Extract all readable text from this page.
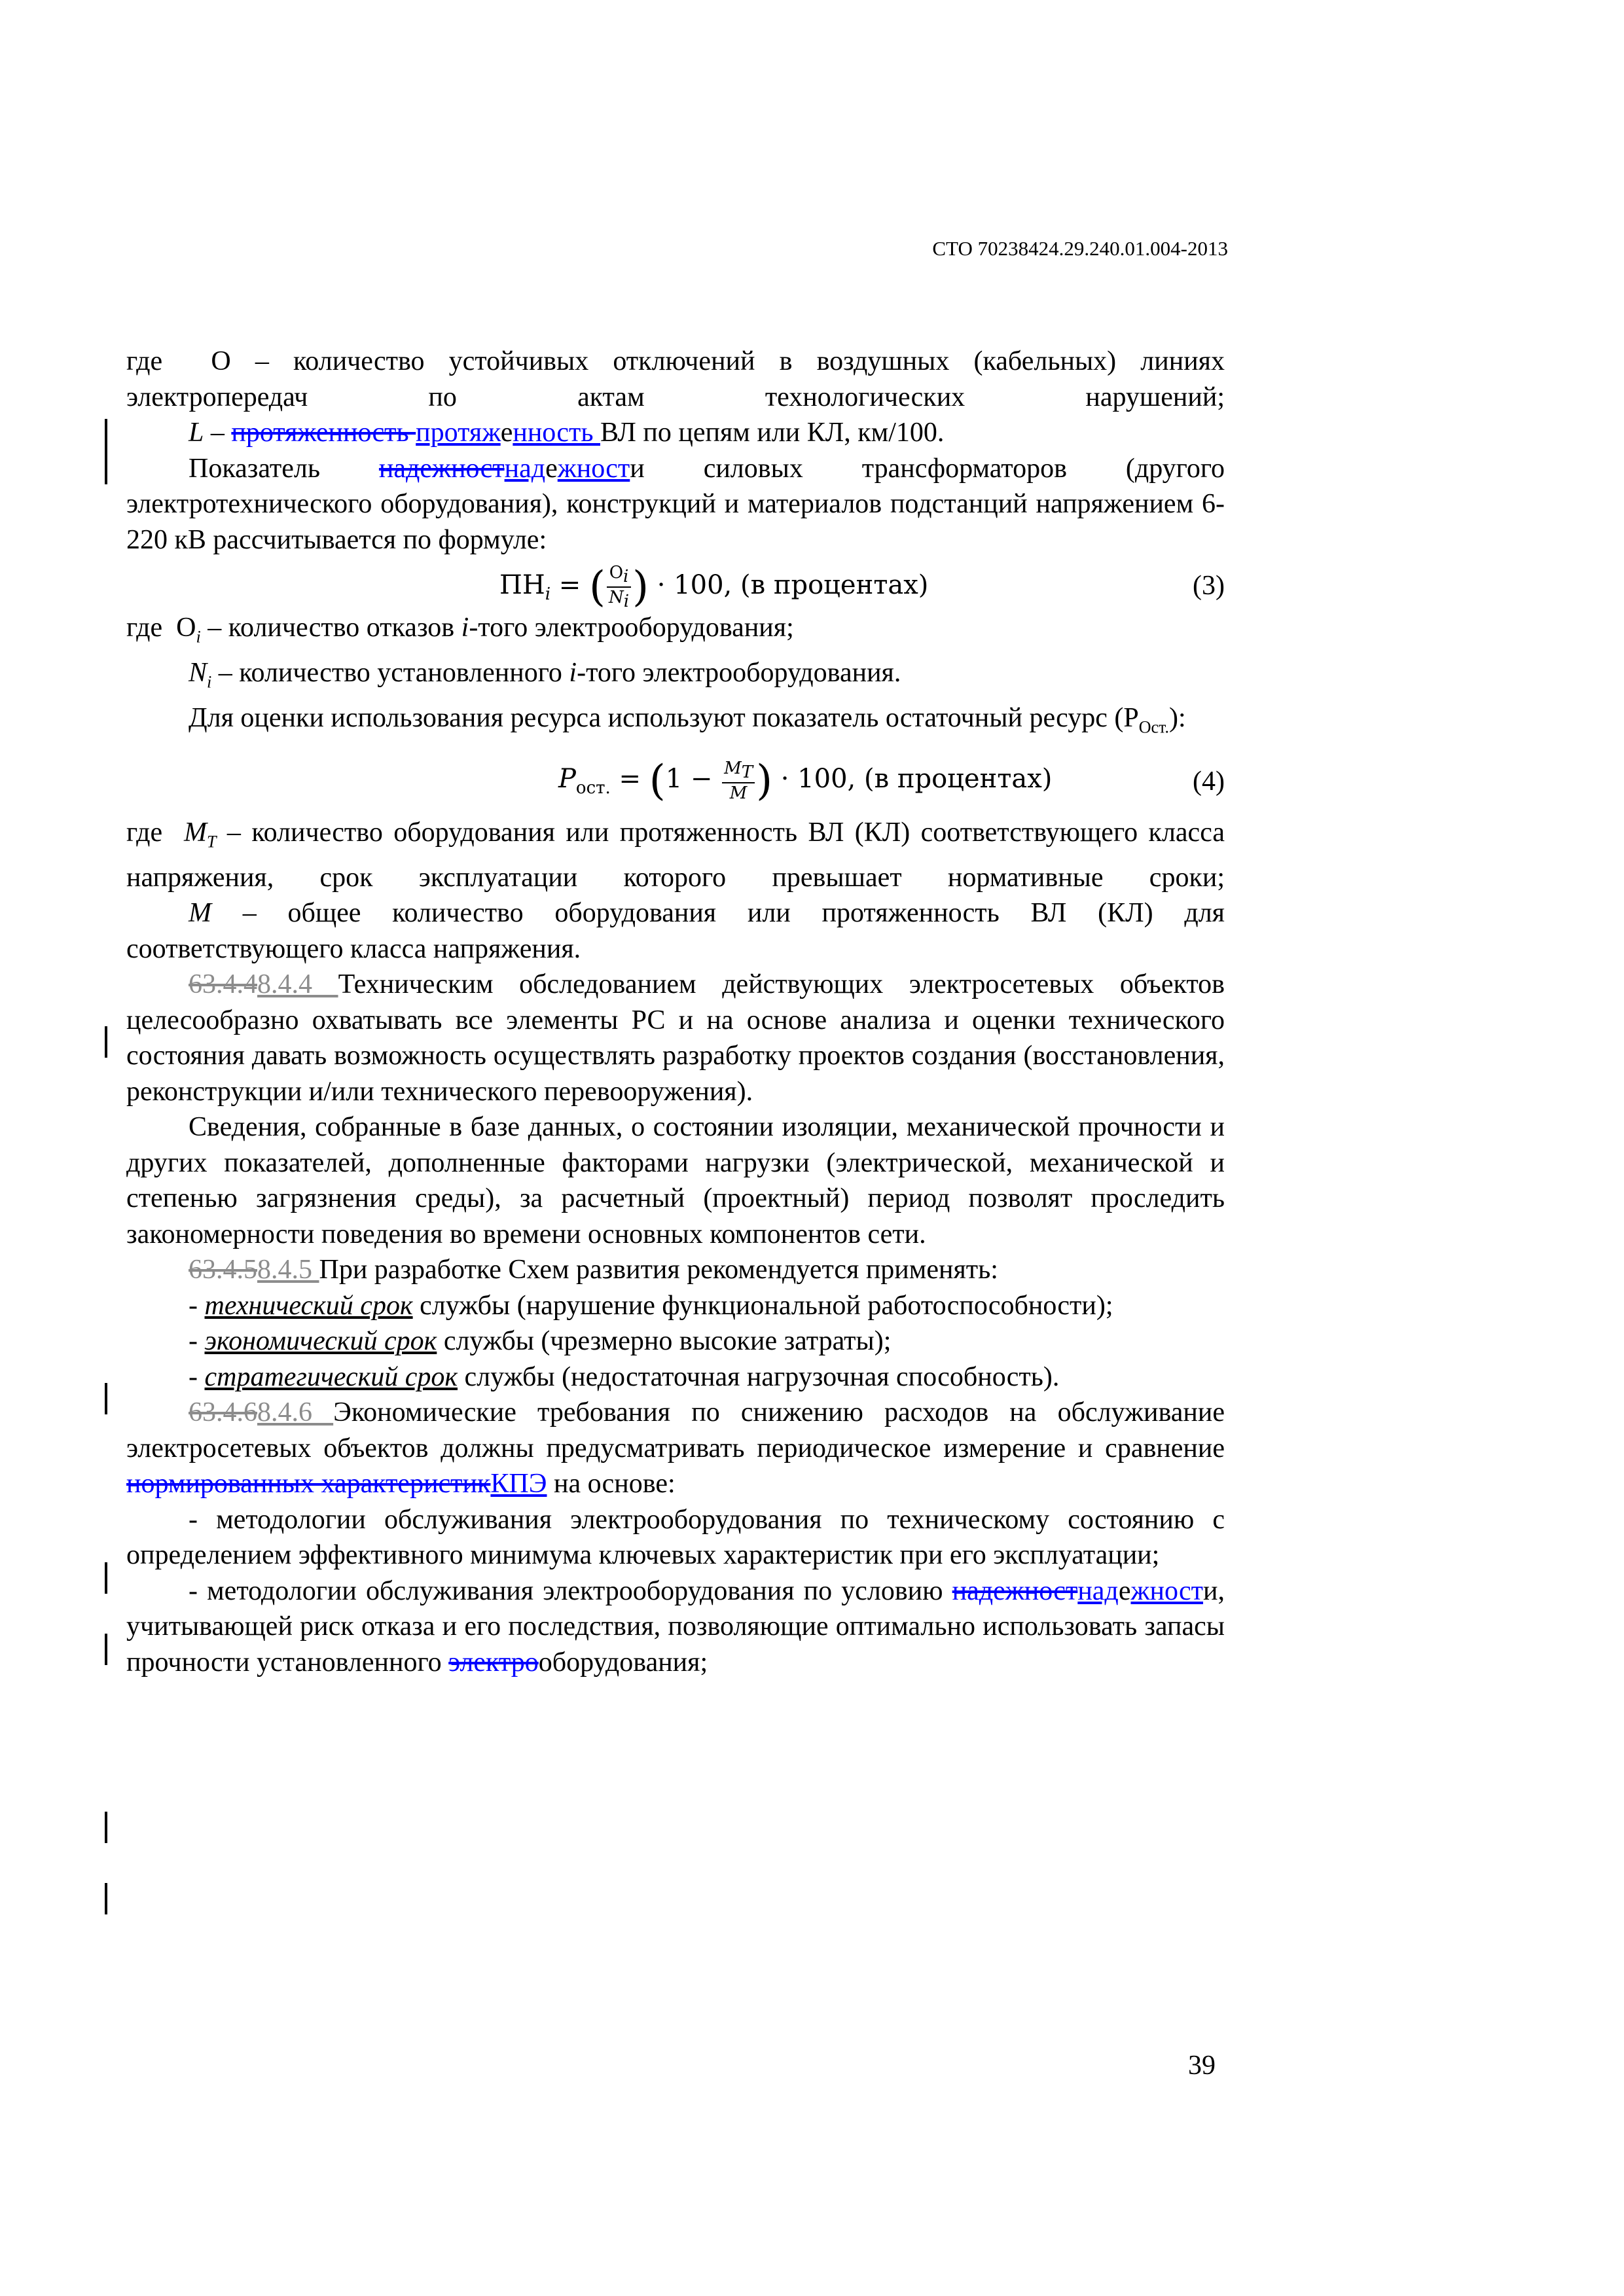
СТО 70238424.29.240.01.004-2013

где О – количество устойчивых отключений в воздушных (кабельных) линиях электропередач по актам технологических нарушений;

L – протяженность протяженность ВЛ по цепям или КЛ, км/100.

Показатель надежностнадежности силовых трансформаторов (другого электротехнического оборудования), конструкций и материалов подстанций напряжением 6-220 кВ рассчитывается по формуле:

$ПН_i$ = ( $\frac{О_i}{N_i}$ ) · 100, (в процентах)	(3)

где $О_i$ – количество отказов i-того электрооборудования;

$N_i$ – количество установленного i-того электрооборудования.

Для оценки использования ресурса используют показатель остаточный ресурс $(Р_{Ост.})$:

$P_{ост.} = (1 - \frac{M_T}{M}$ ) · 100, (в процентах)	(4)

где $M_T$ – количество оборудования или протяженность ВЛ (КЛ) соответствующего класса напряжения, срок эксплуатации которого превышает нормативные сроки;

M – общее количество оборудования или протяженность ВЛ (КЛ) для соответствующего класса напряжения.

63.4.48.4.4 Техническим обследованием действующих электросетевых объектов целесообразно охватывать все элементы РС и на основе анализа и оценки технического состояния давать возможность осуществлять разработку проектов создания (восстановления, реконструкции и/или технического перевооружения).

Сведения, собранные в базе данных, о состоянии изоляции, механической прочности и других показателей, дополненные факторами нагрузки (электрической, механической и степенью загрязнения среды), за расчетный (проектный) период позволят проследить закономерности поведения во времени основных компонентов сети.

63.4.58.4.5 При разработке Схем развития рекомендуется применять:

- технический срок службы (нарушение функциональной работоспособности);

- экономический срок службы (чрезмерно высокие затраты);

- стратегический срок службы (недостаточная нагрузочная способность).

63.4.68.4.6 Экономические требования по снижению расходов на обслуживание электросетевых объектов должны предусматривать периодическое измерение и сравнение нормированных характеристикКПЭ на основе:

- методологии обслуживания электрооборудования по техническому состоянию с определением эффективного минимума ключевых характеристик при его эксплуатации;

- методологии обслуживания электрооборудования по условию надежностнадежности, учитывающей риск отказа и его последствия, позволяющие оптимально использовать запасы прочности установленного электрооборудования;

39
